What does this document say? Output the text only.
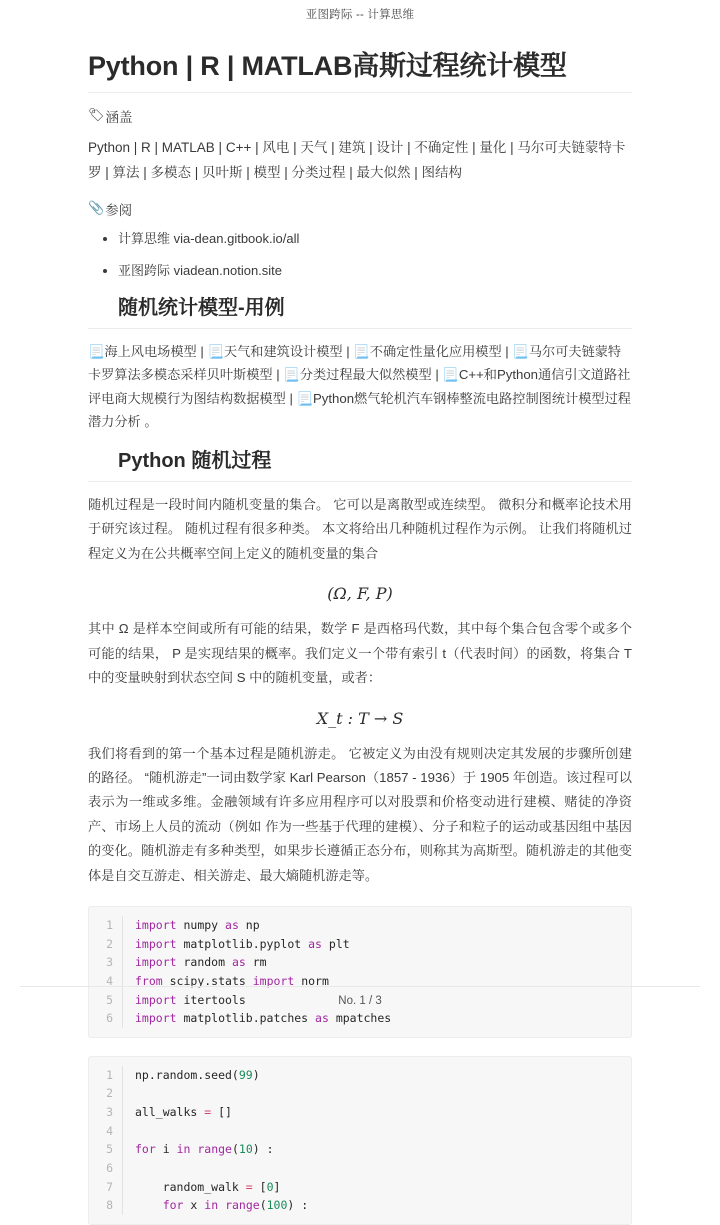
亚图跨际 -- 计算思维
Python | R | MATLAB高斯过程统计模型
🏷 涵盖

Python | R | MATLAB | C++ | 风电 | 天气 | 建筑 | 设计 | 不确定性 | 量化 | 马尔可夫链蒙特卡罗 | 算法 | 多模态 | 贝叶斯 | 模型 | 分类过程 | 最大似然 | 图结构

📎 参阅
• 计算思维 via-dean.gitbook.io/all
• 亚图跨际 viadean.notion.site
随机统计模型-用例

📃海上风电场模型 | 📃天气和建筑设计模型 | 📃不确定性量化应用模型 | 📃马尔可夫链蒙特卡罗算法多模态采样贝叶斯模型 | 📃分类过程最大似然模型 | 📃C++和Python通信引文道路社评电商大规模行为图结构数据模型 | 📃Python燃气轮机汽车钢棒整流电路控制图统计模型过程潜力分析 。

Python 随机过程

随机过程是一段时间内随机变量的集合。 它可以是离散型或连续型。 微积分和概率论技术用于研究该过程。 随机过程有很多种类。 本文将给出几种随机过程作为示例。 让我们将随机过程定义为在公共概率空间上定义的随机变量的集合

(Ω, F, P)

其中 Ω 是样本空间或所有可能的结果，数学 F 是西格玛代数，其中每个集合包含零个或多个可能的结果， P 是实现结果的概率。我们定义一个带有索引 t（代表时间）的函数，将集合 T 中的变量映射到状态空间 S 中的随机变量，或者：

X_t : T → S

我们将看到的第一个基本过程是随机游走。 它被定义为由没有规则决定其发展的步骤所创建的路径。 “随机游走”一词由数学家 Karl Pearson（1857 - 1936）于 1905 年创造。该过程可以表示为一维或多维。金融领域有许多应用程序可以对股票和价格变动进行建模、赌徒的净资产、市场上人员的流动（例如 作为一些基于代理的建模）、分子和粒子的运动或基因组中基因的变化。随机游走有多种类型，如果步长遵循正态分布，则称其为高斯型。随机游走的其他变体是自交互游走、相关游走、最大熵随机游走等。

1	import numpy as np
2	import matplotlib.pyplot as plt
3	import random as rm
4	from scipy.stats import norm
5	import itertools
6	import matplotlib.patches as mpatches
1	np.random.seed(99)
2

3	all_walks = []
4

5	for i in range(10) :
6

7	random_walk = [0]
8	for x in range(100) :
No. 1 / 3
